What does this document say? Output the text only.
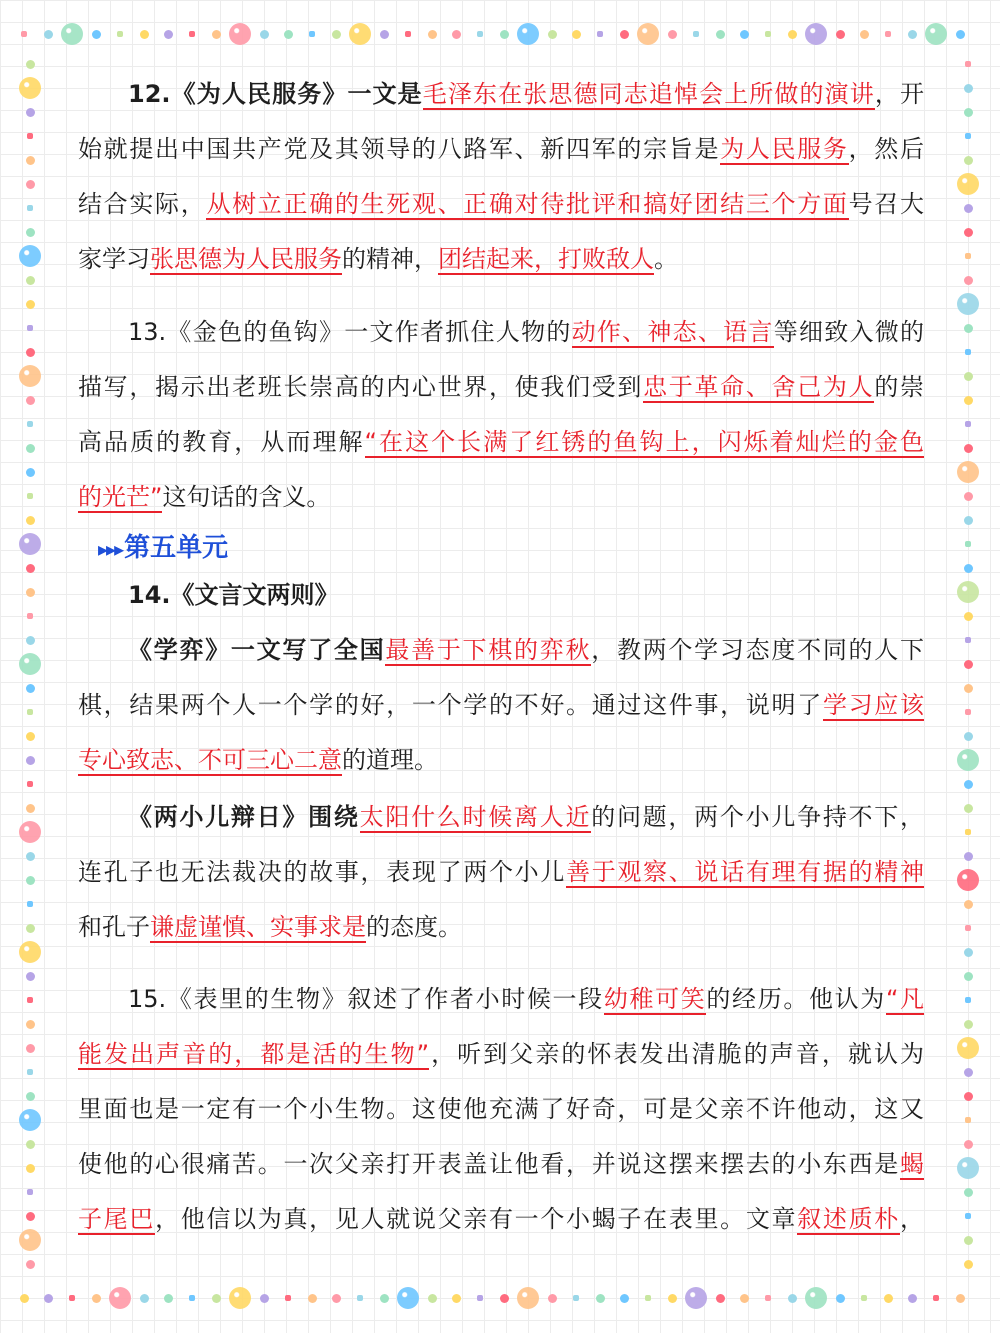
12.《为人民服务》一文是毛泽东在张思德同志追悼会上所做的演讲，开
始就提出中国共产党及其领导的八路军、新四军的宗旨是为人民服务，然后
结合实际，从树立正确的生死观、正确对待批评和搞好团结三个方面号召大
家学习张思德为人民服务的精神，团结起来，打败敌人。
13.《金色的鱼钩》一文作者抓住人物的动作、神态、语言等细致入微的
描写，揭示出老班长崇高的内心世界，使我们受到忠于革命、舍己为人的崇
高品质的教育，从而理解“在这个长满了红锈的鱼钩上，闪烁着灿烂的金色
的光芒”这句话的含义。
▸▸▸第五单元
14.《文言文两则》
《学弈》一文写了全国最善于下棋的弈秋，教两个学习态度不同的人下
棋，结果两个人一个学的好，一个学的不好。通过这件事，说明了学习应该
专心致志、不可三心二意的道理。
《两小儿辩日》围绕太阳什么时候离人近的问题，两个小儿争持不下，
连孔子也无法裁决的故事，表现了两个小儿善于观察、说话有理有据的精神
和孔子谦虚谨慎、实事求是的态度。
15.《表里的生物》叙述了作者小时候一段幼稚可笑的经历。他认为“凡
能发出声音的，都是活的生物”，听到父亲的怀表发出清脆的声音，就认为
里面也是一定有一个小生物。这使他充满了好奇，可是父亲不许他动，这又
使他的心很痛苦。一次父亲打开表盖让他看，并说这摆来摆去的小东西是蝎
子尾巴，他信以为真，见人就说父亲有一个小蝎子在表里。文章叙述质朴，
